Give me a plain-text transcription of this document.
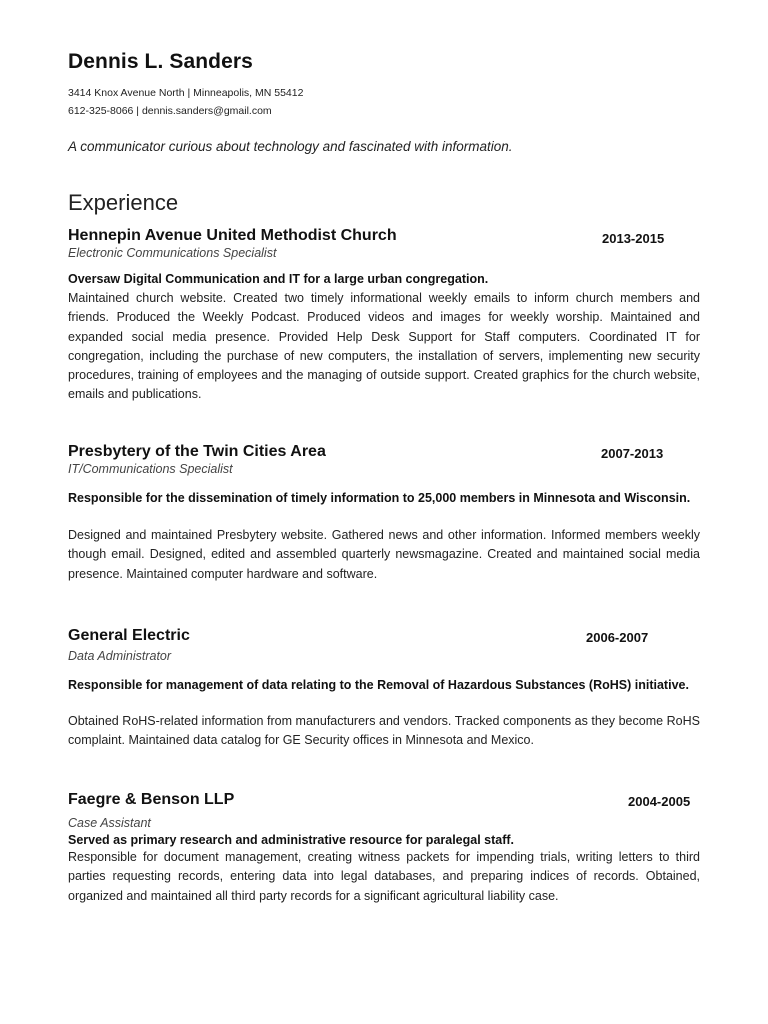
Dennis L. Sanders
3414 Knox Avenue North | Minneapolis, MN 55412
612-325-8066 | dennis.sanders@gmail.com
A communicator curious about technology and fascinated with information.
Experience
Hennepin Avenue United Methodist Church	2013-2015
Electronic Communications Specialist
Oversaw Digital Communication and IT for a large urban congregation.
Maintained church website. Created two timely informational weekly emails to inform church members and friends. Produced the Weekly Podcast. Produced videos and images for weekly worship. Maintained and expanded social media presence. Provided Help Desk Support for Staff computers. Coordinated IT for congregation, including the purchase of new computers, the installation of servers, implementing new security procedures, training of employees and the managing of outside support. Created graphics for the church website, emails and publications.
Presbytery of the Twin Cities Area	2007-2013
IT/Communications Specialist
Responsible for the dissemination of timely information to 25,000 members in Minnesota and Wisconsin.
Designed and maintained Presbytery website. Gathered news and other information. Informed members weekly though email. Designed, edited and assembled quarterly newsmagazine. Created and maintained social media presence. Maintained computer hardware and software.
General Electric	2006-2007
Data Administrator
Responsible for management of data relating to the Removal of Hazardous Substances (RoHS) initiative.
Obtained RoHS-related information from manufacturers and vendors. Tracked components as they become RoHS complaint. Maintained data catalog for GE Security offices in Minnesota and Mexico.
Faegre & Benson LLP	2004-2005
Case Assistant
Served as primary research and administrative resource for paralegal staff.
Responsible for document management, creating witness packets for impending trials, writing letters to third parties requesting records, entering data into legal databases, and preparing indices of records. Obtained, organized and maintained all third party records for a significant agricultural liability case.
